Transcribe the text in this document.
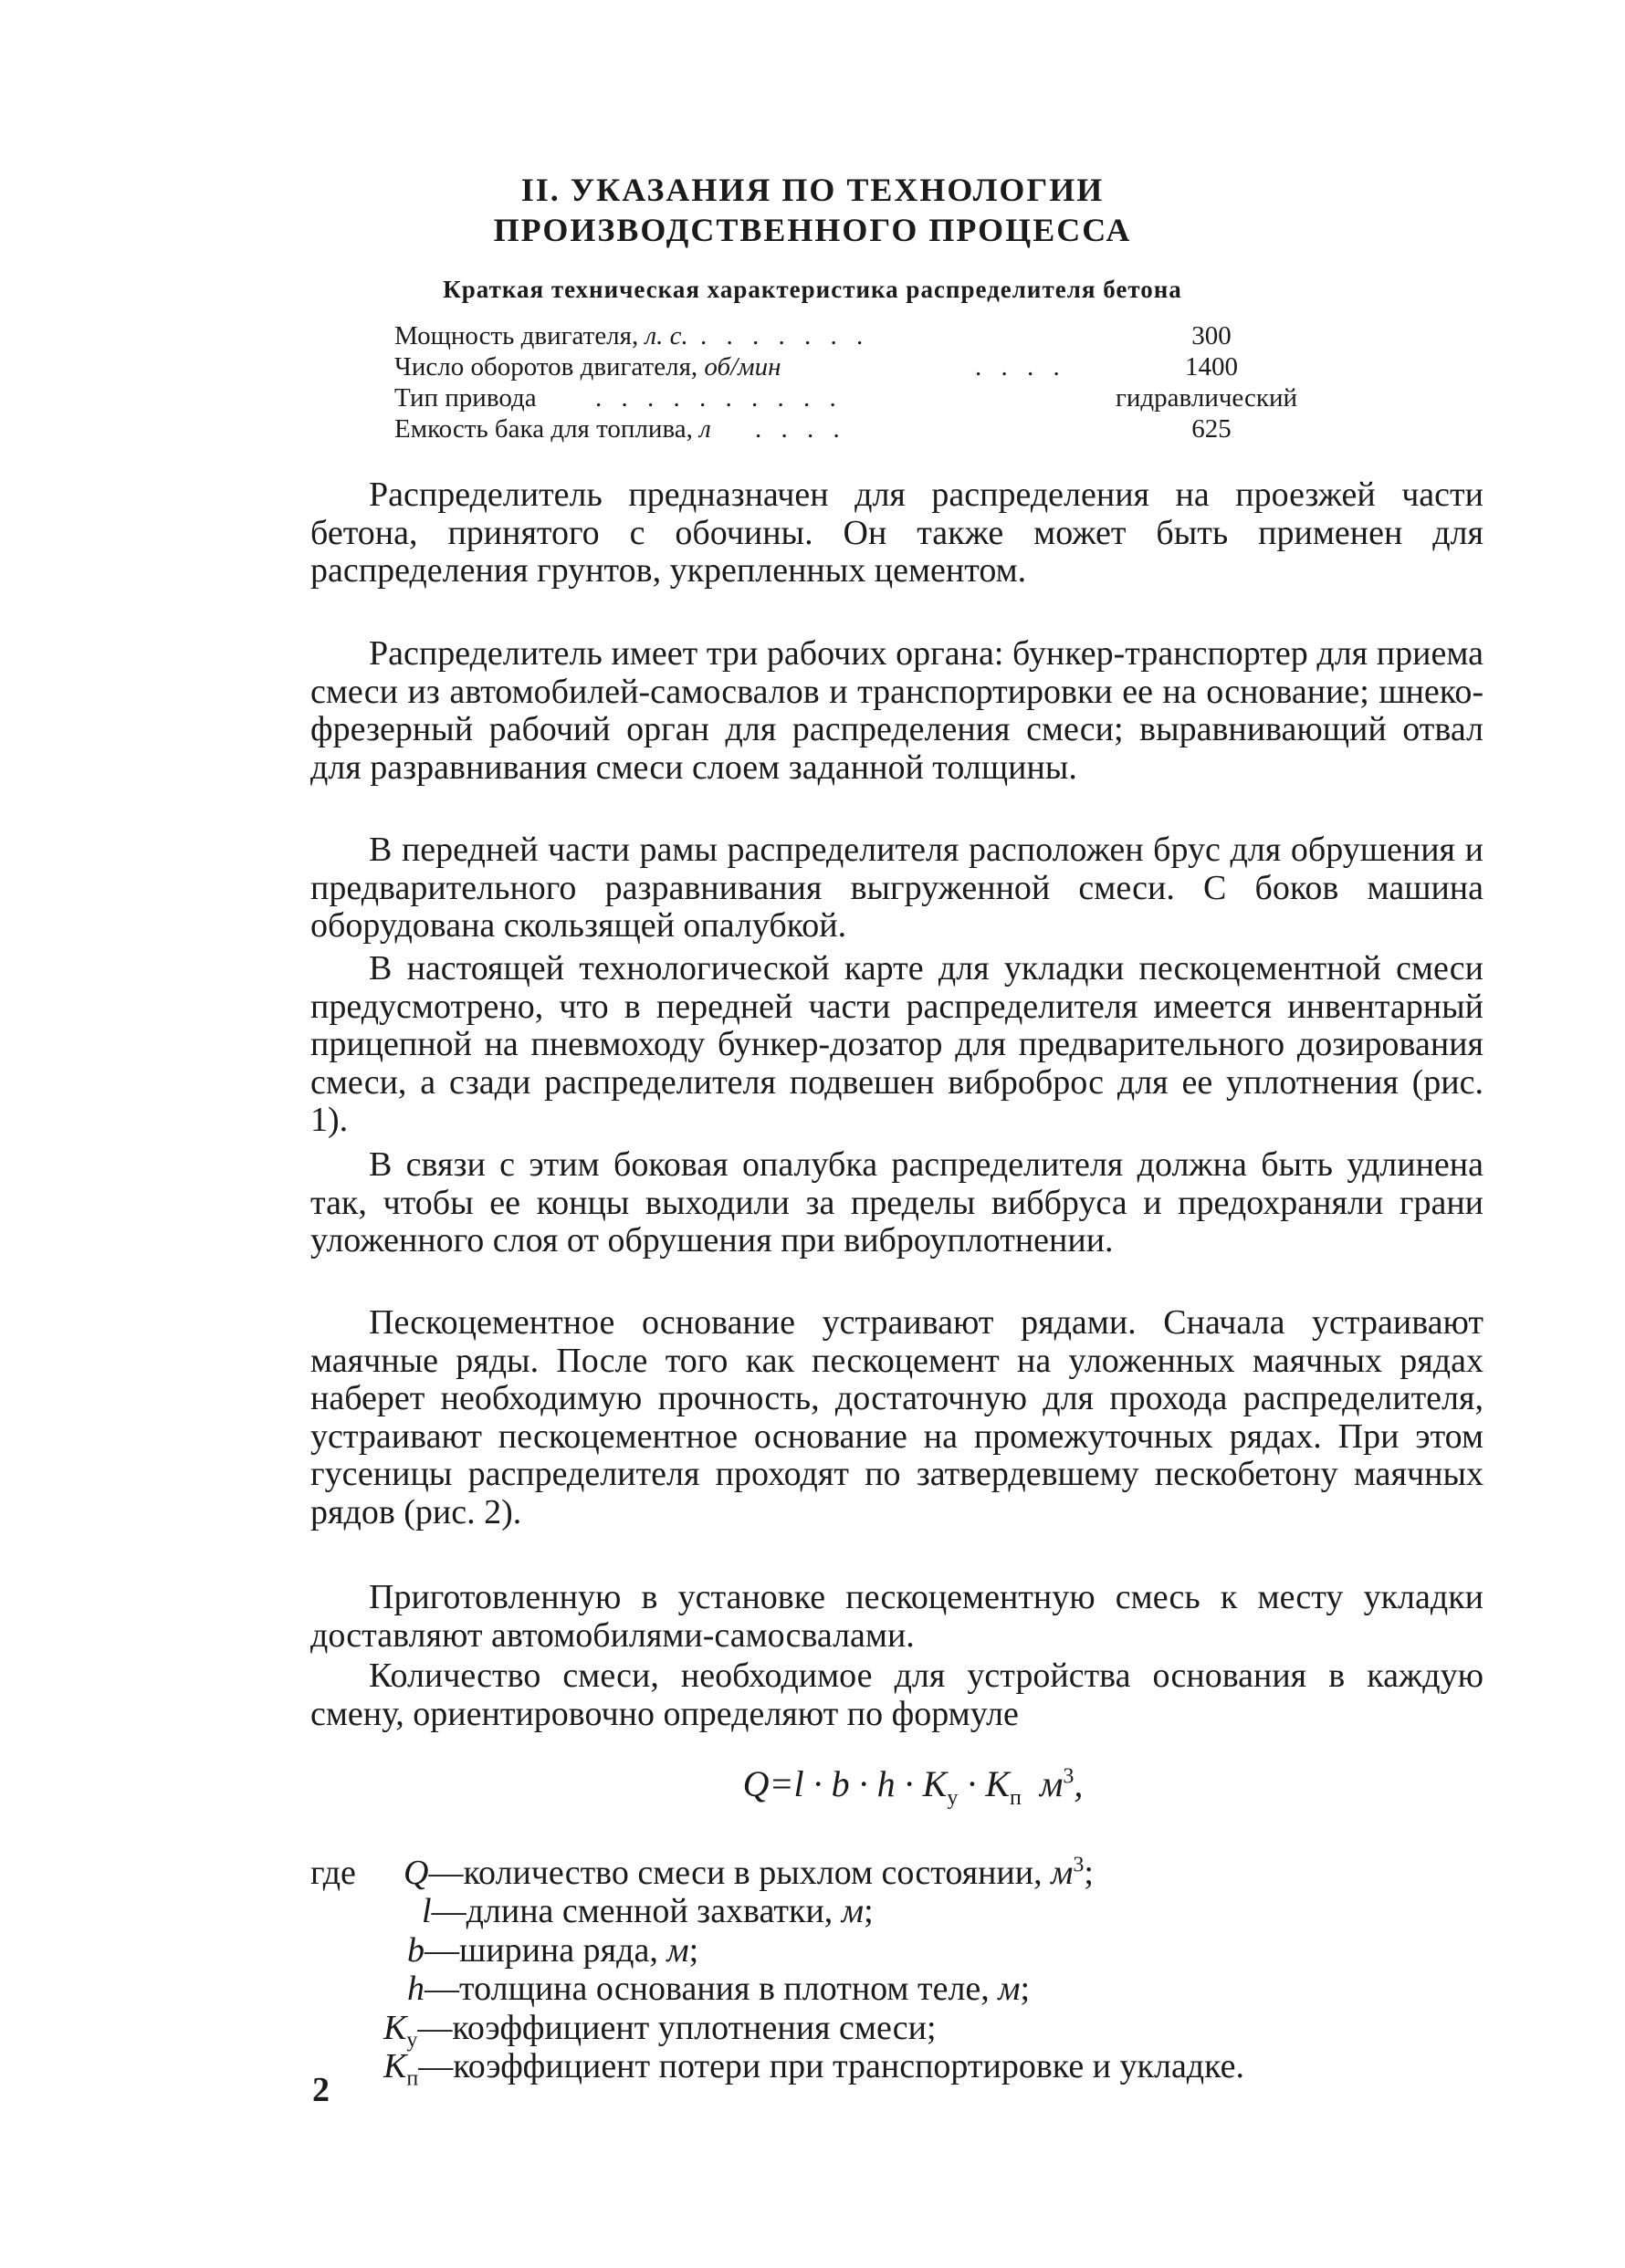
II. УКАЗАНИЯ ПО ТЕХНОЛОГИИ
ПРОИЗВОДСТВЕННОГО ПРОЦЕССА
Краткая техническая характеристика распределителя бетона
Мощность двигателя, л. с. . . . . . . .	300
Число оборотов двигателя, об/мин	. . . .	1400
Тип привода . . . . . . . . . .	гидравлический
Емкость бака для топлива, л . . . .	625

Распределитель предназначен для распределения на проезжей части бетона, принятого с обочины. Он также может быть применен для распределения грунтов, укрепленных цементом.

Распределитель имеет три рабочих органа: бункер-транспортер для приема смеси из автомобилей-самосвалов и транспортировки ее на основание; шнеко-фрезерный рабочий орган для распределения смеси; выравнивающий отвал для разравнивания смеси слоем заданной толщины.

В передней части рамы распределителя расположен брус для обрушения и предварительного разравнивания выгруженной смеси. С боков машина оборудована скользящей опалубкой.

В настоящей технологической карте для укладки пескоцементной смеси предусмотрено, что в передней части распределителя имеется инвентарный прицепной на пневмоходу бункер-дозатор для предварительного дозирования смеси, а сзади распределителя подвешен виброброс для ее уплотнения (рис. 1).

В связи с этим боковая опалубка распределителя должна быть удлинена так, чтобы ее концы выходили за пределы виббруса и предохраняли грани уложенного слоя от обрушения при виброуплотнении.

Пескоцементное основание устраивают рядами. Сначала устраивают маячные ряды. После того как пескоцемент на уложенных маячных рядах наберет необходимую прочность, достаточную для прохода распределителя, устраивают пескоцементное основание на промежуточных рядах. При этом гусеницы распределителя проходят по затвердевшему пескобетону маячных рядов (рис. 2).

Приготовленную в установке пескоцементную смесь к месту укладки доставляют автомобилями-самосвалами.

Количество смеси, необходимое для устройства основания в каждую смену, ориентировочно определяют по формуле

$Q=l \cdot b \cdot h \cdot K_у \cdot K_п$ $м^3$,
где Q—количество смеси в рыхлом состоянии, $м^3$;
l—длина сменной захватки, м;
b—ширина ряда, м;
h—толщина основания в плотном теле, м;
$K_у—коэффициент$ уплотнения смеси;
$K_п—коэффициент$ потери при транспортировке и укладке.
2
